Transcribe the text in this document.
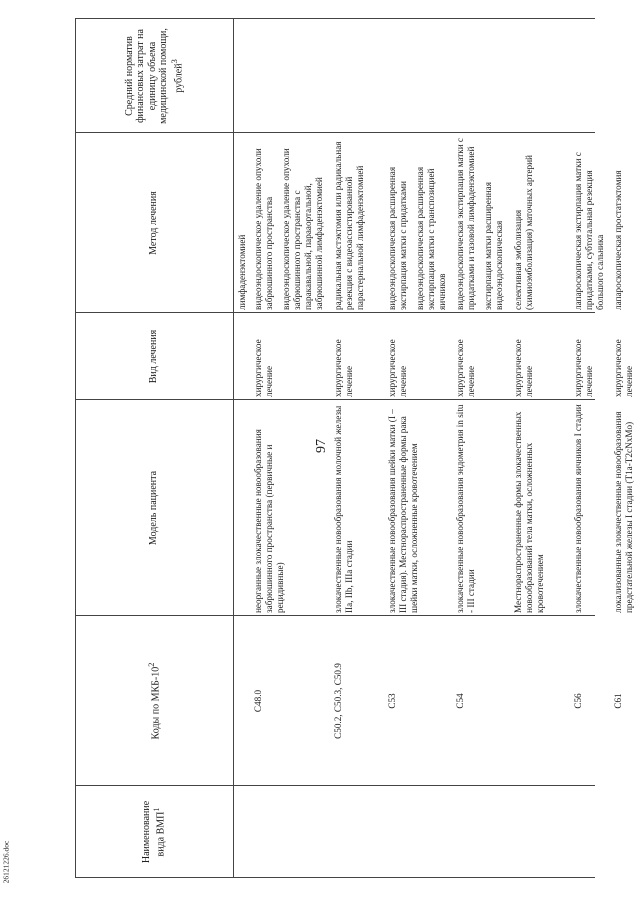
97
26121226.doc	Наименование вида ВМП$^1$
Коды по МКБ-$10^2$
Модель пациента
Вид лечения
Метод лечения
Средний норматив финансовых затрат на единицу объема медицинской помощи, рублей$^3$
лимфаденэктомией
C48.0
неорганные злокачественные новообразования забрюшинного пространства (первичные и рецидивные)
хирургическое лечение

видеоэндоскопическое удаление опухоли забрюшинного пространства видеоэндоскопическое удаление опухоли забрюшинного пространства с паракавальной, парааортальной, забрюшинной лимфаденэктомией

C50.2, C50.3, C50.9
злокачественные новообразования молочной железы IIa, IIb, IIIa стадии
хирургическое лечение

радикальная мастэктомия или радикальная резекция с видеоассистированной парастернальной лимфаденэктомией

C53
злокачественные новообразования шейки матки (I – III стадия). Местнораспространенные формы рака шейки матки, осложненные кровотечением
хирургическое лечение

видеоэндоскопическая расширенная экстирпация матки с придатками видеоэндоскопическая расширенная экстирпация матки с транспозицией яичников

C54
злокачественные новообразования эндометрия in situ - III стадии
хирургическое лечение

видеоэндоскопическая экстирпация матки с придатками и тазовой лимфаденэктомией экстирпация матки расширенная видеоэндоскопическая

Местнораспространенные формы злокачественных новообразований тела матки, осложненных кровотечением
хирургическое лечение

селективная эмболизация (химиоэмболизация) маточных артерий

C56
злокачественные новообразования яичников I стадии
хирургическое лечение

лапароскопическая экстирпация матки с придатками, субтотальная резекция большого сальника

C61
локализованные злокачественные новообразования предстательной железы I стадии (T1a-T2cNxMo)
хирургическое лечение

лапароскопическая простатэктомия
